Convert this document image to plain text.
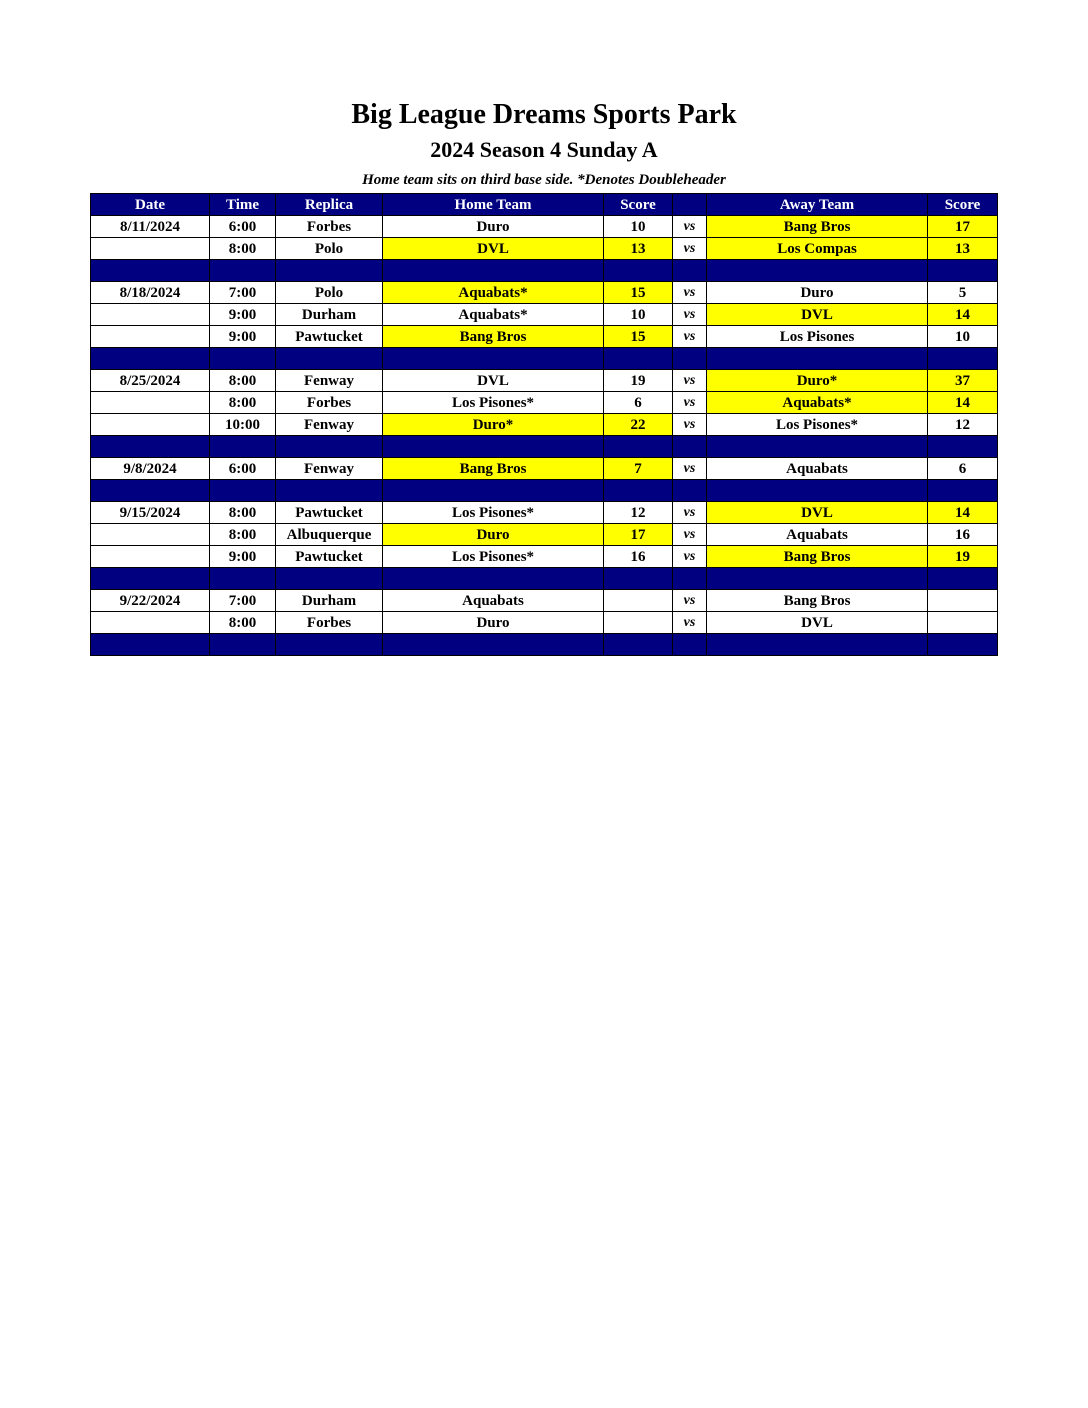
Big League Dreams Sports Park
2024 Season 4 Sunday A
Home team sits on third base side. *Denotes Doubleheader
Date	Time	Replica	Home Team	Score		Away Team	Score
8/11/2024	6:00	Forbes	Duro	10	vs	Bang Bros	17
	8:00	Polo	DVL	13	vs	Los Compas	13

8/18/2024	7:00	Polo	Aquabats*	15	vs	Duro	5
	9:00	Durham	Aquabats*	10	vs	DVL	14
	9:00	Pawtucket	Bang Bros	15	vs	Los Pisones	10

8/25/2024	8:00	Fenway	DVL	19	vs	Duro*	37
	8:00	Forbes	Los Pisones*	6	vs	Aquabats*	14
	10:00	Fenway	Duro*	22	vs	Los Pisones*	12

9/8/2024	6:00	Fenway	Bang Bros	7	vs	Aquabats	6

9/15/2024	8:00	Pawtucket	Los Pisones*	12	vs	DVL	14
	8:00	Albuquerque	Duro	17	vs	Aquabats	16
	9:00	Pawtucket	Los Pisones*	16	vs	Bang Bros	19

9/22/2024	7:00	Durham	Aquabats		vs	Bang Bros	
	8:00	Forbes	Duro		vs	DVL	
